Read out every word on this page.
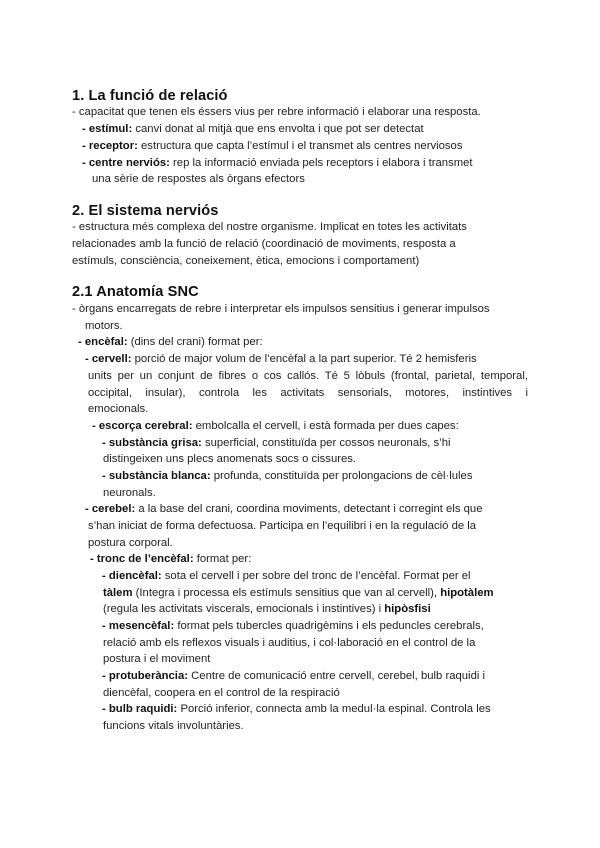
1. La funció de relació
- capacitat que tenen els éssers vius per rebre informació i elaborar una resposta.
- estímul: canvi donat al mitjà que ens envolta i que pot ser detectat
- receptor: estructura que capta l’estímul i el transmet als centres nerviosos
- centre nerviós: rep la informació enviada pels receptors i elabora i transmet
una sèrie de respostes als òrgans efectors
2. El sistema nerviós
- estructura més complexa del nostre organisme. Implicat en totes les activitats
relacionades amb la funció de relació (coordinació de moviments, resposta a
estímuls, consciència, coneixement, ètica, emocions i comportament)
2.1 Anatomía SNC
- òrgans encarregats de rebre i interpretar els impulsos sensitius i generar impulsos
motors.
- encèfal: (dins del crani) format per:
- cervell: porció de major volum de l’encèfal a la part superior. Té 2 hemisferis
units per un conjunt de fibres o cos callós. Té 5 lòbuls (frontal, parietal, temporal,
occipital, insular), controla les activitats sensorials, motores, instintives i
emocionals.
- escorça cerebral: embolcalla el cervell, i està formada per dues capes:
- substància grisa: superficial, constituïda per cossos neuronals, s’hi
distingeixen uns plecs anomenats socs o cissures.
- substància blanca: profunda, constituïda per prolongacions de cèl·lules
neuronals.
- cerebel: a la base del crani, coordina moviments, detectant i corregint els que
s’han iniciat de forma defectuosa. Participa en l’equilibri i en la regulació de la
postura corporal.
- tronc de l’encèfal: format per:
- diencèfal: sota el cervell i per sobre del tronc de l’encèfal. Format per el
tàlem (Integra i processa els estímuls sensitius que van al cervell), hipotàlem
(regula les activitats viscerals, emocionals i instintives) i hipòsfisi
- mesencèfal: format pels tubercles quadrigèmins i els peduncles cerebrals,
relació amb els reflexos visuals i auditius, i col·laboració en el control de la
postura i el moviment
- protuberància: Centre de comunicació entre cervell, cerebel, bulb raquidi i
diencèfal, coopera en el control de la respiració
- bulb raquidi: Porció inferior, connecta amb la medul·la espinal. Controla les
funcions vitals involuntàries.
